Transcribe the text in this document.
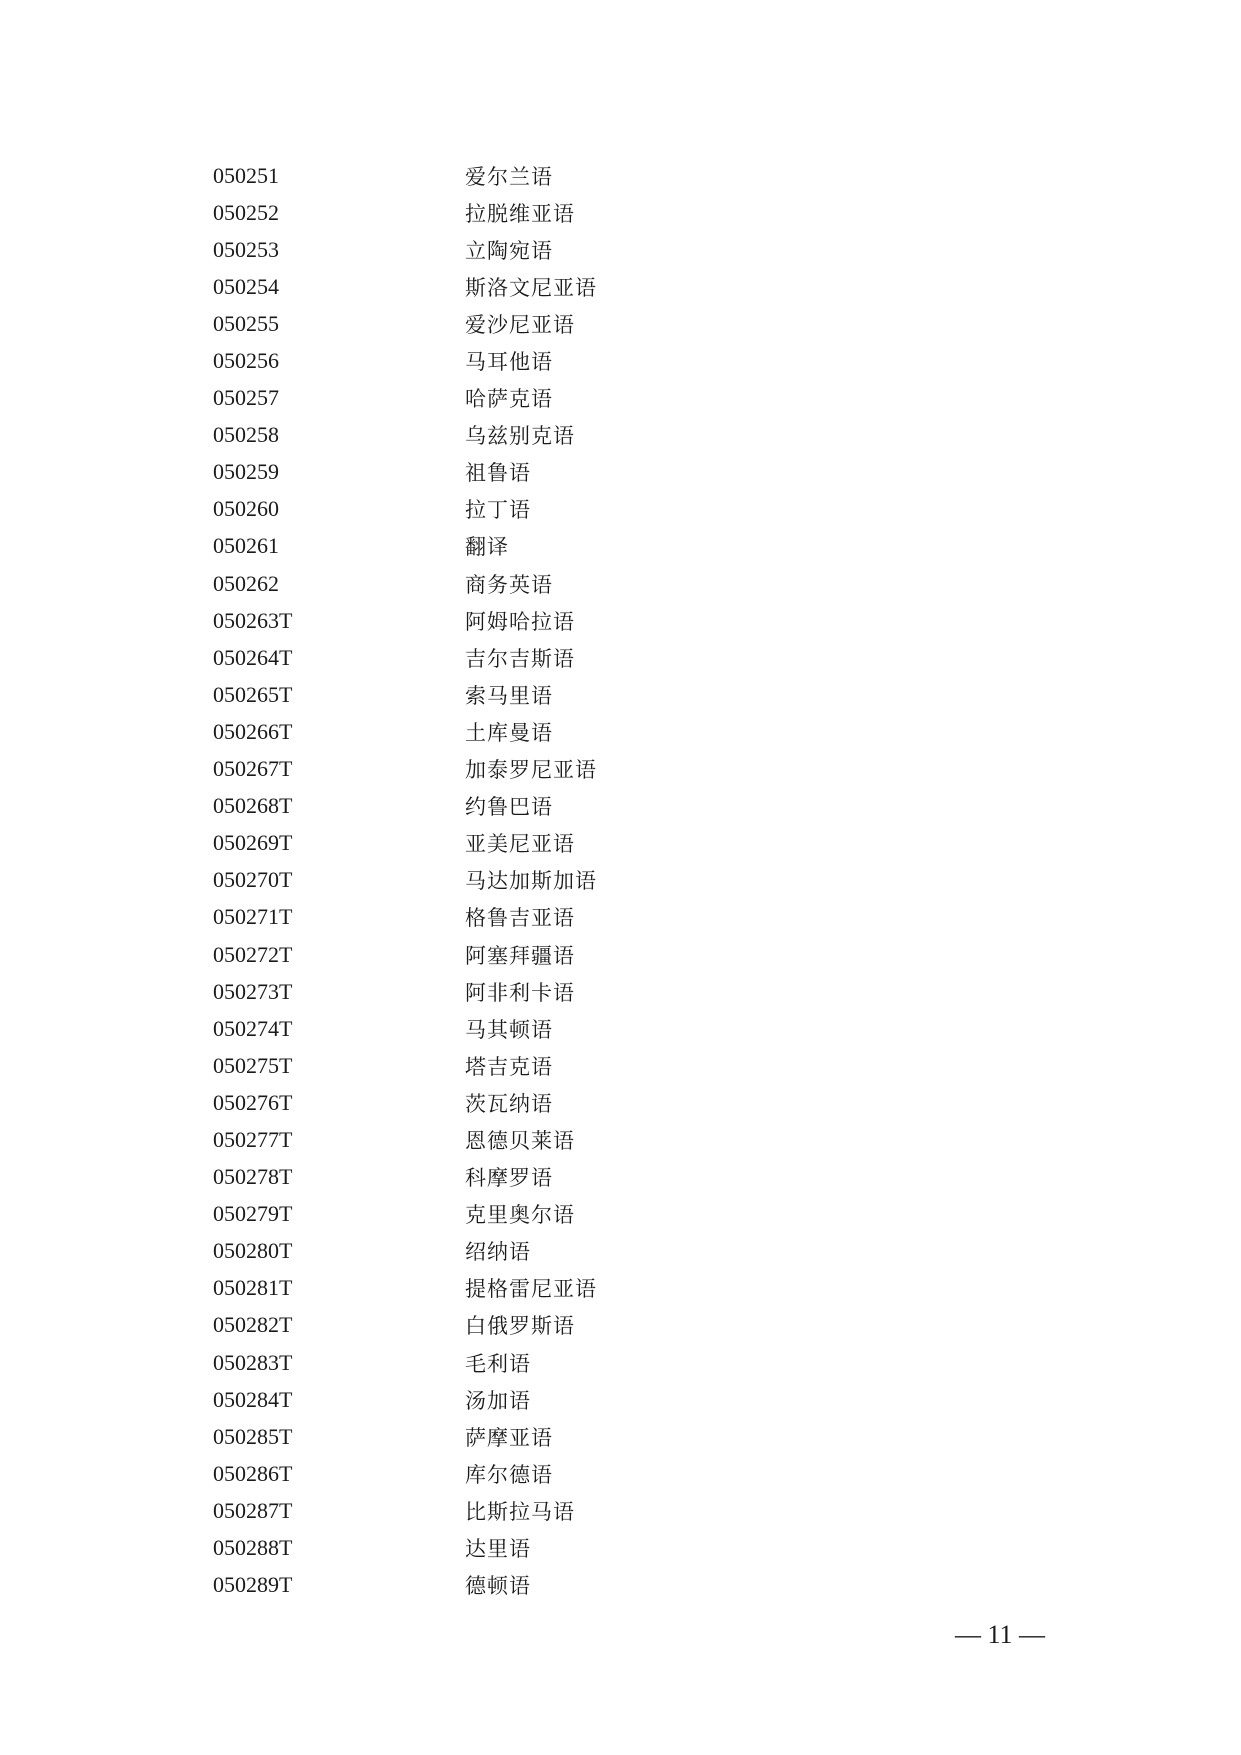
050251	爱尔兰语
050252	拉脱维亚语
050253	立陶宛语
050254	斯洛文尼亚语
050255	爱沙尼亚语
050256	马耳他语
050257	哈萨克语
050258	乌兹别克语
050259	祖鲁语
050260	拉丁语
050261	翻译
050262	商务英语
050263T	阿姆哈拉语
050264T	吉尔吉斯语
050265T	索马里语
050266T	土库曼语
050267T	加泰罗尼亚语
050268T	约鲁巴语
050269T	亚美尼亚语
050270T	马达加斯加语
050271T	格鲁吉亚语
050272T	阿塞拜疆语
050273T	阿非利卡语
050274T	马其顿语
050275T	塔吉克语
050276T	茨瓦纳语
050277T	恩德贝莱语
050278T	科摩罗语
050279T	克里奥尔语
050280T	绍纳语
050281T	提格雷尼亚语
050282T	白俄罗斯语
050283T	毛利语
050284T	汤加语
050285T	萨摩亚语
050286T	库尔德语
050287T	比斯拉马语
050288T	达里语
050289T	德顿语
— 11 —
